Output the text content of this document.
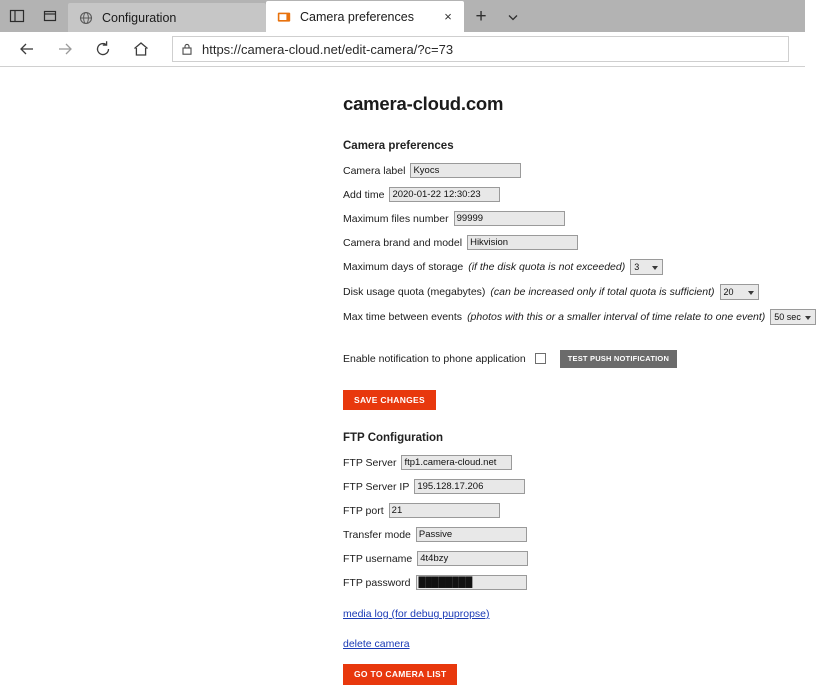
Configuration	Camera preferences	×	+
https://camera-cloud.net/edit-camera/?c=73
camera-cloud.com
Camera preferences
Camera label Kyocs
Add time 2020-01-22 12:30:23
Maximum files number 99999
Camera brand and model Hikvision
Maximum days of storage (if the disk quota is not exceeded)	3
Disk usage quota (megabytes) (can be increased only if total quota is sufficient)	20
Max time between events (photos with this or a smaller interval of time relate to one event)	50 sec
Enable notification to phone application	TEST PUSH NOTIFICATION
SAVE CHANGES
FTP Configuration
FTP Server ftp1.camera-cloud.net
FTP Server IP 195.128.17.206
FTP port 21
Transfer mode Passive
FTP username 4t4bzy
FTP password ████████
media log (for debug pupropse)
delete camera
GO TO CAMERA LIST
